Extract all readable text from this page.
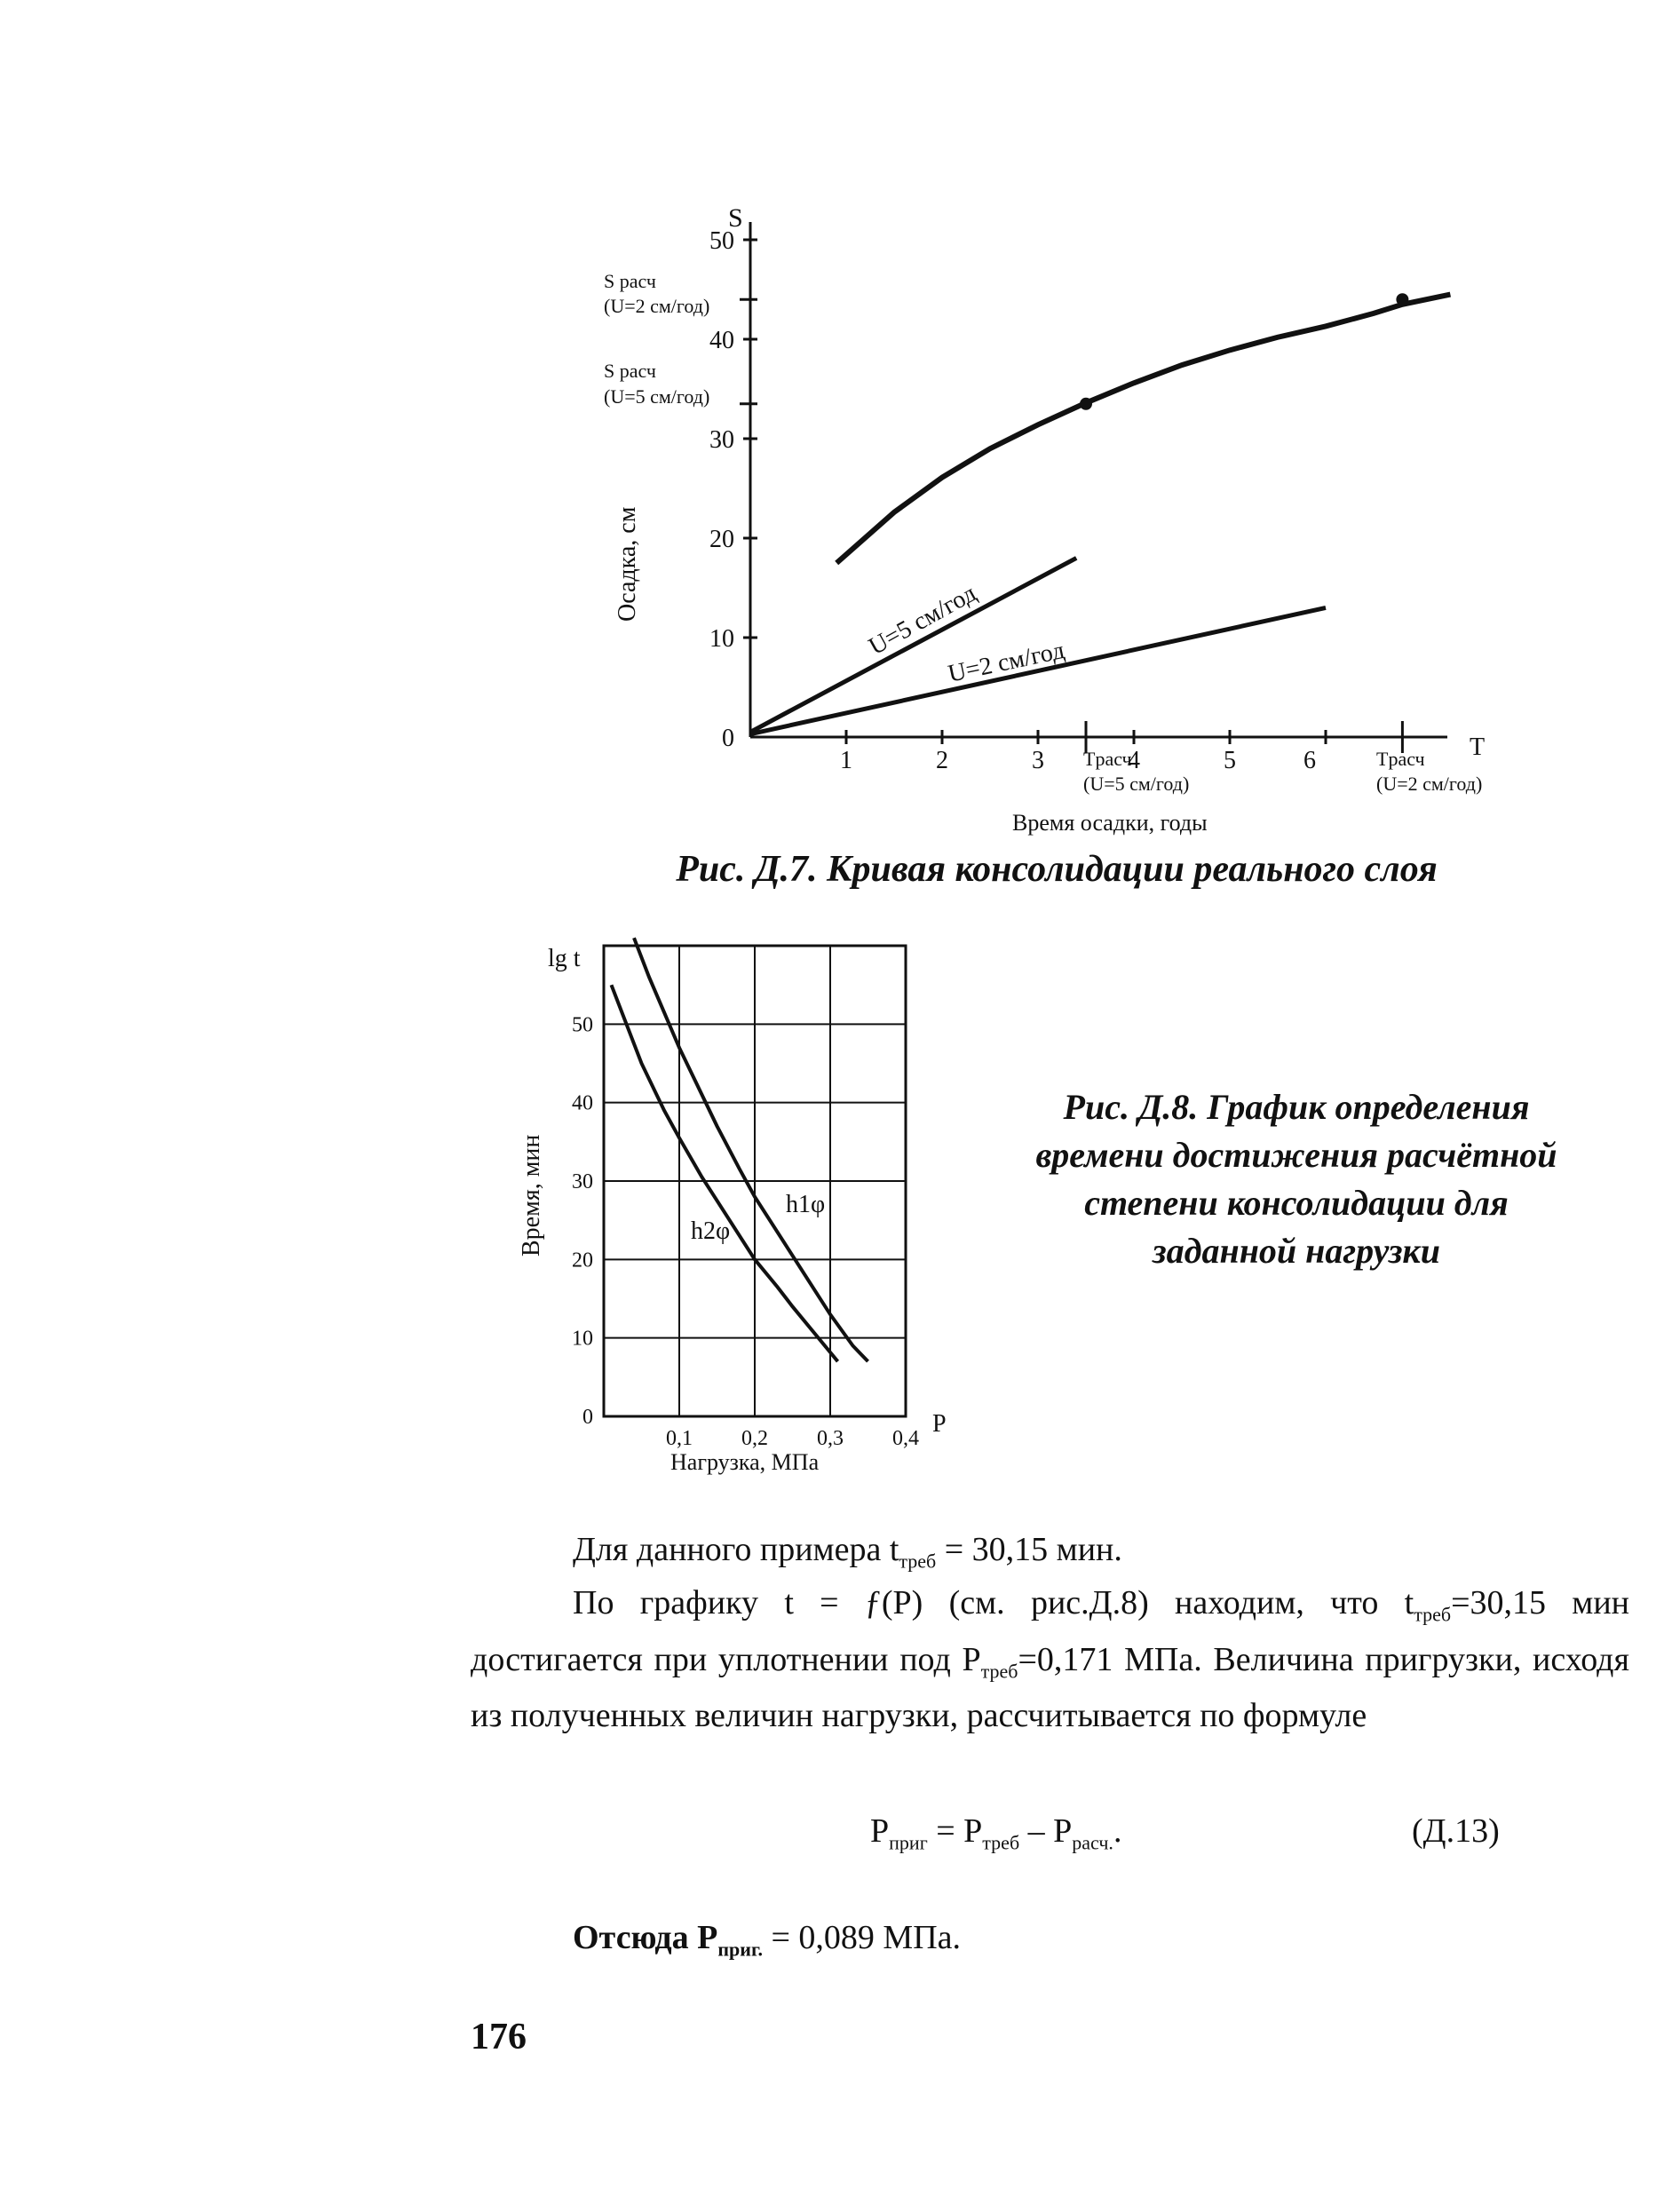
S
T
0
10
20
30
40
50
1	2	3	4	5	6
S расч
(U=2 см/год)
S расч
(U=5 см/год)
Tрасч
(U=5 см/год)
Tрасч
(U=2 см/год)
Осадка, см
Время осадки, годы
U=5 см/год
U=2 см/год
Рис. Д.7. Кривая консолидации реального слоя
0
10
20
30
40
50
0,1 0,2 0,3 0,4
lg t
P
Время, мин
Нагрузка, МПа
h1φ
h2φ
Рис. Д.8. График определения
времени достижения расчётной
степени консолидации для
заданной нагрузки
Для данного примера $t_{треб} = 30,15$ мин.
По графику t = ƒ(P) (см. рис.Д.8) находим, что $t_{треб}=30,15$ мин достигается при уплотнении под $P_{треб}=0,171$ МПа. Величина пригрузки, исходя из полученных величин нагрузки, рассчитывается по формуле
$P_{приг} = P_{треб} - P_{расч.}$.	(Д.13)
Отсюда $P_{приг.} = 0,089$ МПа.
176
